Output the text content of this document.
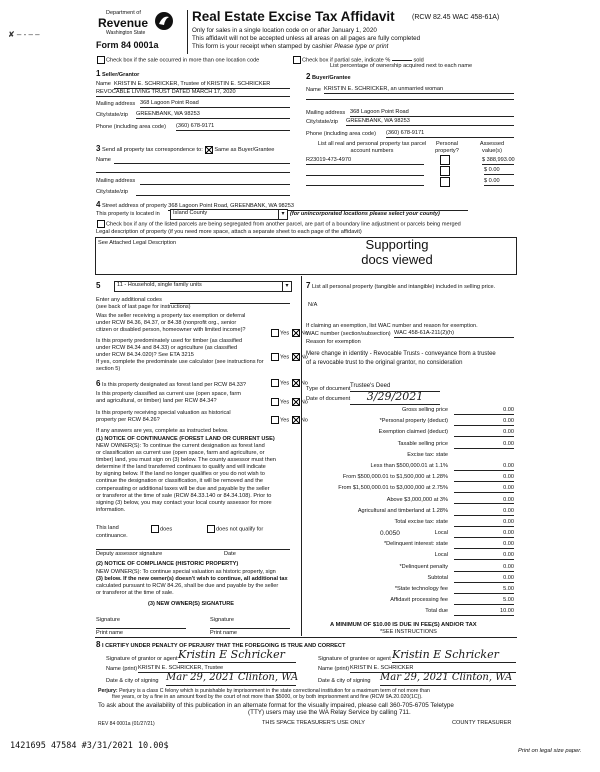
Department of
Revenue
Washington State
Form 84 0001a
✘ ‒ ‐ – ‒
Real Estate Excise Tax Affidavit (RCW 82.45 WAC 458-61A)
Only for sales in a single location code on or after January 1, 2020
This affidavit will not be accepted unless all areas on all pages are fully completed
This form is your receipt when stamped by cashier Please type or print
Check box if the sale occurred in more than one location code	Check box if partial sale, indicate %	sold
List percentage of ownership acquired next to each name
1 Seller/Grantor
Name KRISTIN E. SCHRICKER, Trustee of KRISTIN E. SCHRICKER
REVOCABLE LIVING TRUST DATED MARCH 17, 2020
Mailing address 368 Lagoon Point Road
City/state/zip GREENBANK, WA 98253
Phone (including area code) (360) 678-9171
2 Buyer/Grantee
Name KRISTIN E. SCHRICKER, an unmarried woman
Mailing address 368 Lagoon Point Road
City/state/zip GREENBANK, WA 98253
Phone (including area code) (360) 678-9171
3 Send all property tax correspondence to: Same as Buyer/Grantee
Name
Mailing address
City/state/zip
List all real and personal property tax parcel account numbers
Personal property?
Assessed value(s)
R23019-473-4970	$ 388,993.00
$ 0.00
$ 0.00
4 Street address of property 368 Lagoon Point Road, GREENBANK, WA 98253
This property is located in	Island County	▾ (for unincorporated locations please select your county)
Check box if any of the listed parcels are being segregated from another parcel, are part of a boundary line adjustment or parcels being merged
Legal description of property (if you need more space, attach a separate sheet to each page of the affidavit)
See Attached Legal Description	Supporting
docs viewed
5	11 - Household, single family units	▾
Enter any additional codes
(see back of last page for instructions)
Was the seller receiving a property tax exemption or deferral
under RCW 84.36, 84.37, or 84.38 (nonprofit org., senior
citizen or disabled person, homeowner with limited income)?
Yes No
Is this property predominately used for timber (as classified
under RCW 84.34 and 84.33) or agriculture (as classified
under RCW 84.34.020)? See ETA 3215
If yes, complete the predominate use calculator (see instructions for
section 5)
Yes No
6 Is this property designated as forest land per RCW 84.33?	Yes No
Is this property classified as current use (open space, farm
and agricultural, or timber) land per RCW 84.34?	Yes No
Is this property receiving special valuation as historical
property per RCW 84.26?	Yes No
If any answers are yes, complete as instructed below.
(1) NOTICE OF CONTINUANCE (FOREST LAND OR CURRENT USE)
NEW OWNER(S): To continue the current designation as forest land
or classification as current use (open space, farm and agriculture, or
timber) land, you must sign on (3) below. The county assessor must then
determine if the land transferred continues to qualify and will indicate
by signing below. If the land no longer qualifies or you do not wish to
continue the designation or classification, it will be removed and the
compensating or additional taxes will be due and payable by the seller
or transferor at the time of sale (RCW 84.33.140 or 84.34.108). Prior to
signing (3) below, you may contact your local county assessor for more
information.
This land	does	does not qualify for
continuance.
Deputy assessor signature	Date
(2) NOTICE OF COMPLIANCE (HISTORIC PROPERTY)
NEW OWNER(S): To continue special valuation as historic property, sign
(3) below. If the new owner(s) doesn't wish to continue, all additional tax
calculated pursuant to RCW 84.26, shall be due and payable by the seller
or transferor at the time of sale.
(3) NEW OWNER(S) SIGNATURE
Signature	Signature
Print name	Print name
7 List all personal property (tangible and intangible) included in selling price.
N/A
If claiming an exemption, list WAC number and reason for exemption.
WAC number (section/subsection) WAC 458-61A-211(2)(h)
Reason for exemption
Mere change in identity - Revocable Trusts - conveyance from a trustee
of a revocable trust to the original grantor, no consideration
Type of document Trustee's Deed
Date of document	3/29/2021
Gross selling price	0.00
*Personal property (deduct)	0.00
Exemption claimed (deduct)	0.00
Taxable selling price	0.00
Excise tax: state
Less than $500,000.01 at 1.1%	0.00
From $500,000.01 to $1,500,000 at 1.28%	0.00
From $1,500,000.01 to $3,000,000 at 2.75%	0.00
Above $3,000,000 at 3%	0.00
Agricultural and timberland at 1.28%	0.00
Total excise tax: state	0.00
0.0050	Local	0.00
*Delinquent interest: state	0.00
Local	0.00
*Delinquent penalty	0.00
Subtotal	0.00
*State technology fee	5.00
Affidavit processing fee	5.00
Total due	10.00
A MINIMUM OF $10.00 IS DUE IN FEE(S) AND/OR TAX
*SEE INSTRUCTIONS
8 I CERTIFY UNDER PENALTY OF PERJURY THAT THE FOREGOING IS TRUE AND CORRECT
Signature of grantor or agent Kristin E Schricker
Name (print) KRISTIN E. SCHRICKER, Trustee
Date & city of signing Mar 29, 2021 Clinton, WA
Signature of grantee or agent Kristin E Schricker
Name (print) KRISTIN E. SCHRICKER
Date & city of signing Mar 29, 2021 Clinton, WA
Perjury: Perjury is a class C felony which is punishable by imprisonment in the state correctional institution for a maximum term of not more than
five years, or by a fine in an amount fixed by the court of not more than $5000, or by both imprisonment and fine (RCW 9A.20.020(1C)).
To ask about the availability of this publication in an alternate format for the visually impaired, please call 360-705-6705 Teletype
(TTY) users may use the WA Relay Service by calling 711.
REV 84 0001a (01/27/21)	THIS SPACE TREASURER'S USE ONLY	COUNTY TREASURER
1421695 47584 #3/31/2021 10.00$	Print on legal size paper.
